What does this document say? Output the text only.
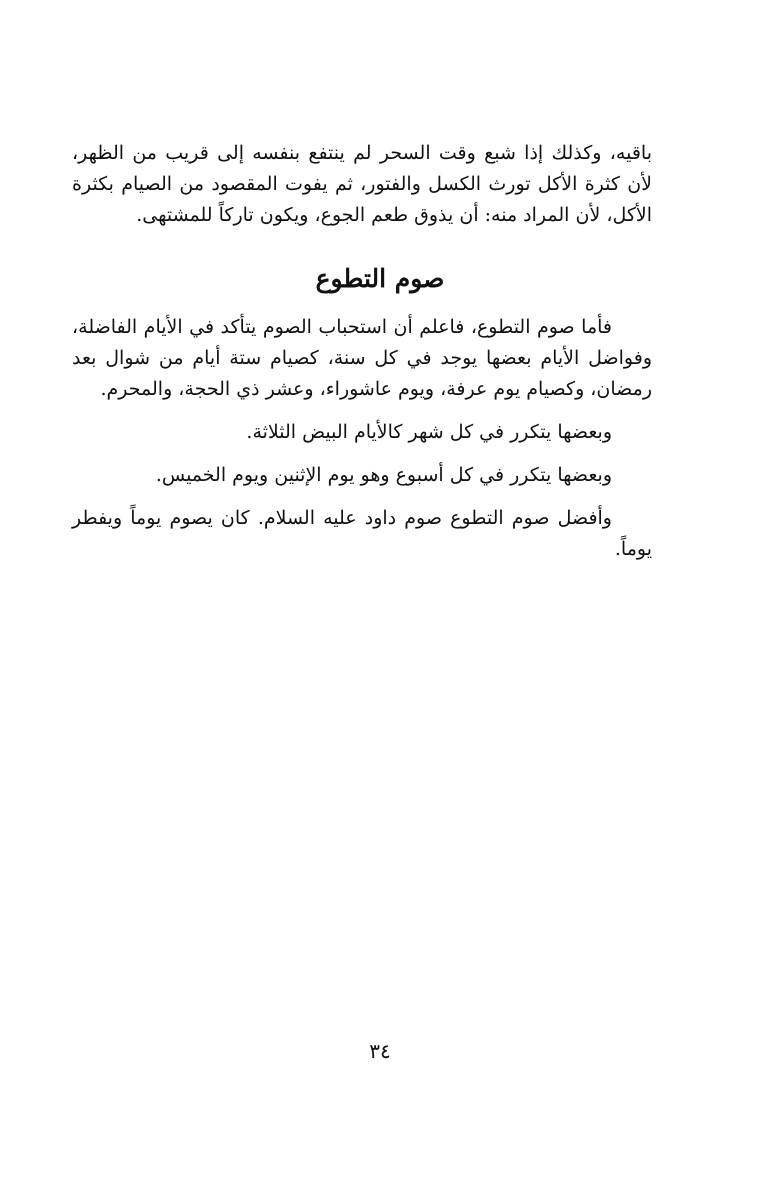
باقيه، وكذلك إذا شبع وقت السحر لم ينتفع بنفسه إلى قريب من الظهر، لأن كثرة الأكل تورث الكسل والفتور، ثم يفوت المقصود من الصيام بكثرة الأكل، لأن المراد منه: أن يذوق طعم الجوع، ويكون تاركاً للمشتهى.

صوم التطوع

فأما صوم التطوع، فاعلم أن استحباب الصوم يتأكد في الأيام الفاضلة، وفواضل الأيام بعضها يوجد في كل سنة، كصيام ستة أيام من شوال بعد رمضان، وكصيام يوم عرفة، ويوم عاشوراء، وعشر ذي الحجة، والمحرم.

وبعضها يتكرر في كل شهر كالأيام البيض الثلاثة.

وبعضها يتكرر في كل أسبوع وهو يوم الإثنين ويوم الخميس.

وأفضل صوم التطوع صوم داود عليه السلام. كان يصوم يوماً ويفطر يوماً.

٣٤
